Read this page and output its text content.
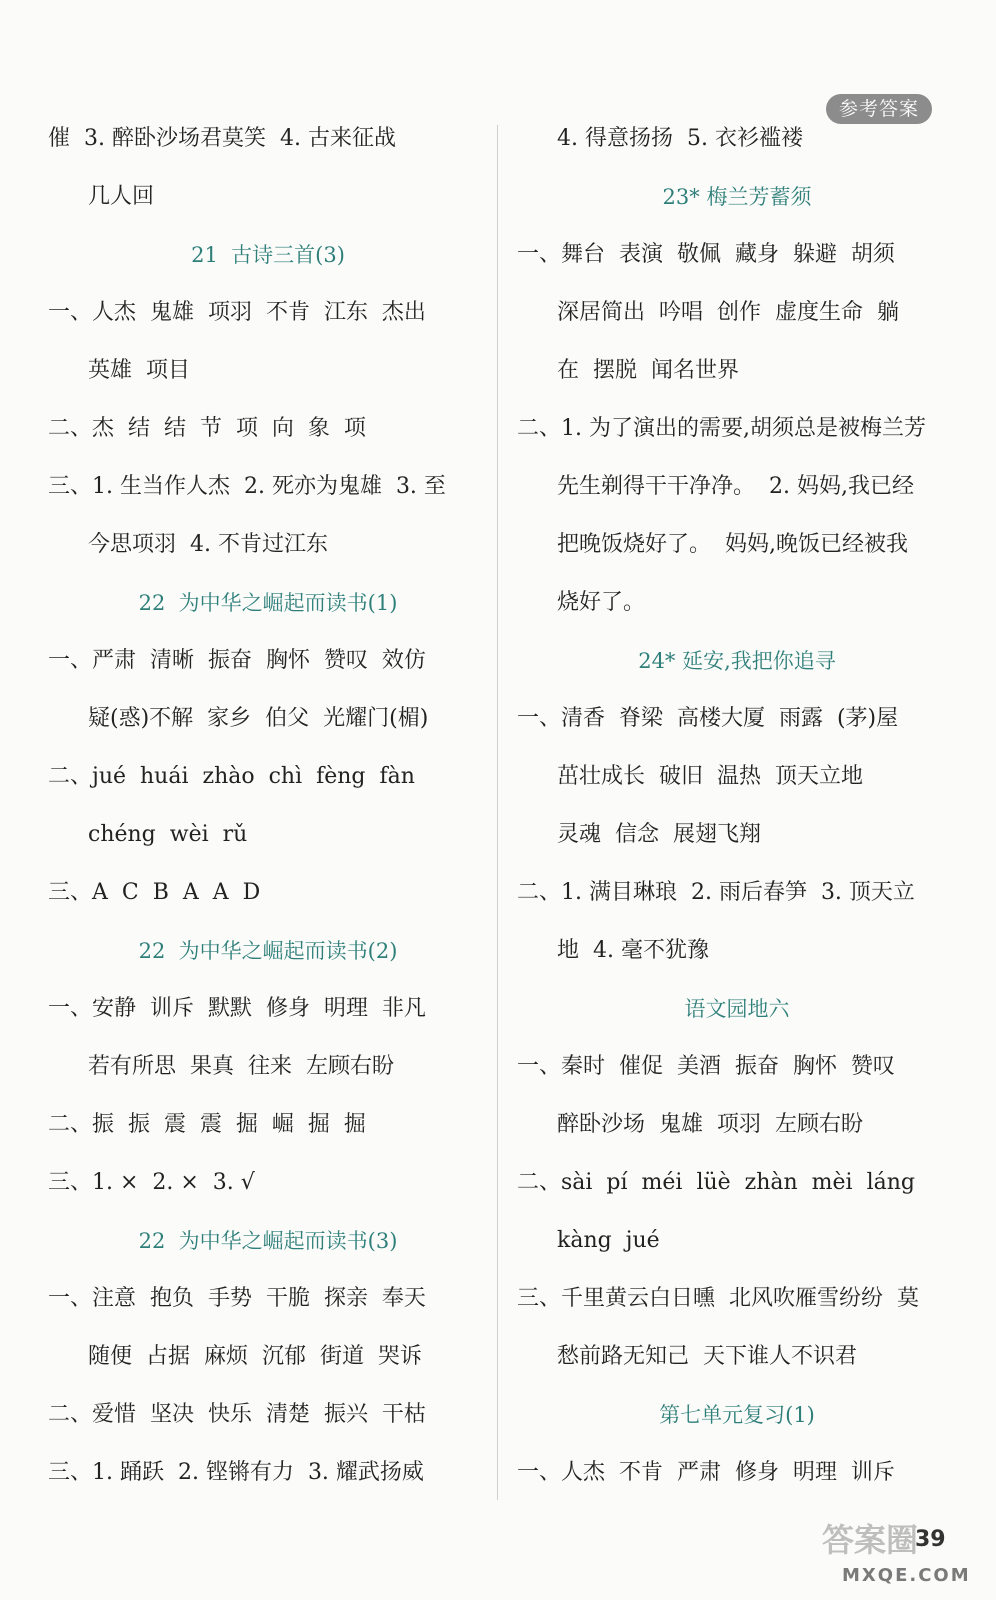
参考答案
催  3. 醉卧沙场君莫笑  4. 古来征战
几人回
21  古诗三首(3)
一、人杰  鬼雄  项羽  不肯  江东  杰出
英雄  项目
二、杰  结  结  节  项  向  象  项
三、1. 生当作人杰  2. 死亦为鬼雄  3. 至
今思项羽  4. 不肯过江东
22  为中华之崛起而读书(1)
一、严肃  清晰  振奋  胸怀  赞叹  效仿
疑(惑)不解  家乡  伯父  光耀门(楣)
二、jué  huái  zhào  chì  fèng  fàn
chéng  wèi  rǔ
三、A  C  B  A  A  D
22  为中华之崛起而读书(2)
一、安静  训斥  默默  修身  明理  非凡
若有所思  果真  往来  左顾右盼
二、振  振  震  震  掘  崛  掘  掘
三、1. ×  2. ×  3. √
22  为中华之崛起而读书(3)
一、注意  抱负  手势  干脆  探亲  奉天
随便  占据  麻烦  沉郁  街道  哭诉
二、爱惜  坚决  快乐  清楚  振兴  干枯
三、1. 踊跃  2. 铿锵有力  3. 耀武扬威
4. 得意扬扬  5. 衣衫褴褛
23* 梅兰芳蓄须
一、舞台  表演  敬佩  藏身  躲避  胡须
深居简出  吟唱  创作  虚度生命  躺
在  摆脱  闻名世界
二、1. 为了演出的需要,胡须总是被梅兰芳
先生剃得干干净净。  2. 妈妈,我已经
把晚饭烧好了。  妈妈,晚饭已经被我
烧好了。
24* 延安,我把你追寻
一、清香  脊梁  高楼大厦  雨露  (茅)屋
茁壮成长  破旧  温热  顶天立地
灵魂  信念  展翅飞翔
二、1. 满目琳琅  2. 雨后春笋  3. 顶天立
地  4. 毫不犹豫
语文园地六
一、秦时  催促  美酒  振奋  胸怀  赞叹
醉卧沙场  鬼雄  项羽  左顾右盼
二、sài  pí  méi  lüè  zhàn  mèi  láng
kàng  jué
三、千里黄云白日曛  北风吹雁雪纷纷  莫
愁前路无知己  天下谁人不识君
第七单元复习(1)
一、人杰  不肯  严肃  修身  明理  训斥
39
答案圈
MXQE.COM
